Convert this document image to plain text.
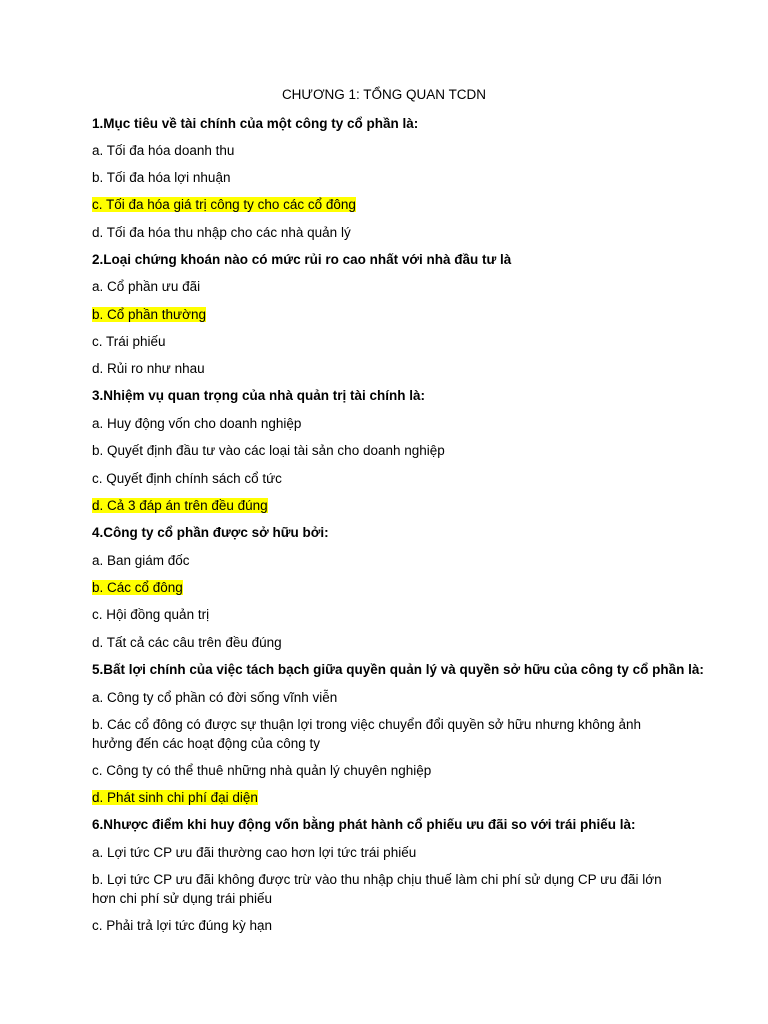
CHƯƠNG 1: TỔNG QUAN TCDN
1.Mục tiêu về tài chính của một công ty cổ phần là:
a. Tối đa hóa doanh thu
b. Tối đa hóa lợi nhuận
c. Tối đa hóa giá trị công ty cho các cổ đông
d. Tối đa hóa thu nhập cho các nhà quản lý
2.Loại chứng khoán nào có mức rủi ro cao nhất với nhà đầu tư là
a. Cổ phần ưu đãi
b. Cổ phần thường
c. Trái phiếu
d. Rủi ro như nhau
3.Nhiệm vụ quan trọng của nhà quản trị tài chính là:
a. Huy động vốn cho doanh nghiệp
b. Quyết định đầu tư vào các loại tài sản cho doanh nghiệp
c. Quyết định chính sách cổ tức
d. Cả 3 đáp án trên đều đúng
4.Công ty cổ phần được sở hữu bởi:
a. Ban giám đốc
b. Các cổ đông
c. Hội đồng quản trị
d. Tất cả các câu trên đều đúng
5.Bất lợi chính của việc tách bạch giữa quyền quản lý và quyền sở hữu của công ty cổ phần là:
a. Công ty cổ phần có đời sống vĩnh viễn
b. Các cổ đông có được sự thuận lợi trong việc chuyển đổi quyền sở hữu nhưng không ảnh hưởng đến các hoạt động của công ty
c. Công ty có thể thuê những nhà quản lý chuyên nghiệp
d. Phát sinh chi phí đại diện
6.Nhược điểm khi huy động vốn bằng phát hành cổ phiếu ưu đãi so với trái phiếu là:
a. Lợi tức CP ưu đãi thường cao hơn lợi tức trái phiếu
b. Lợi tức CP ưu đãi không được trừ vào thu nhập chịu thuế làm chi phí sử dụng CP ưu đãi lớn hơn chi phí sử dụng trái phiếu
c. Phải trả lợi tức đúng kỳ hạn
